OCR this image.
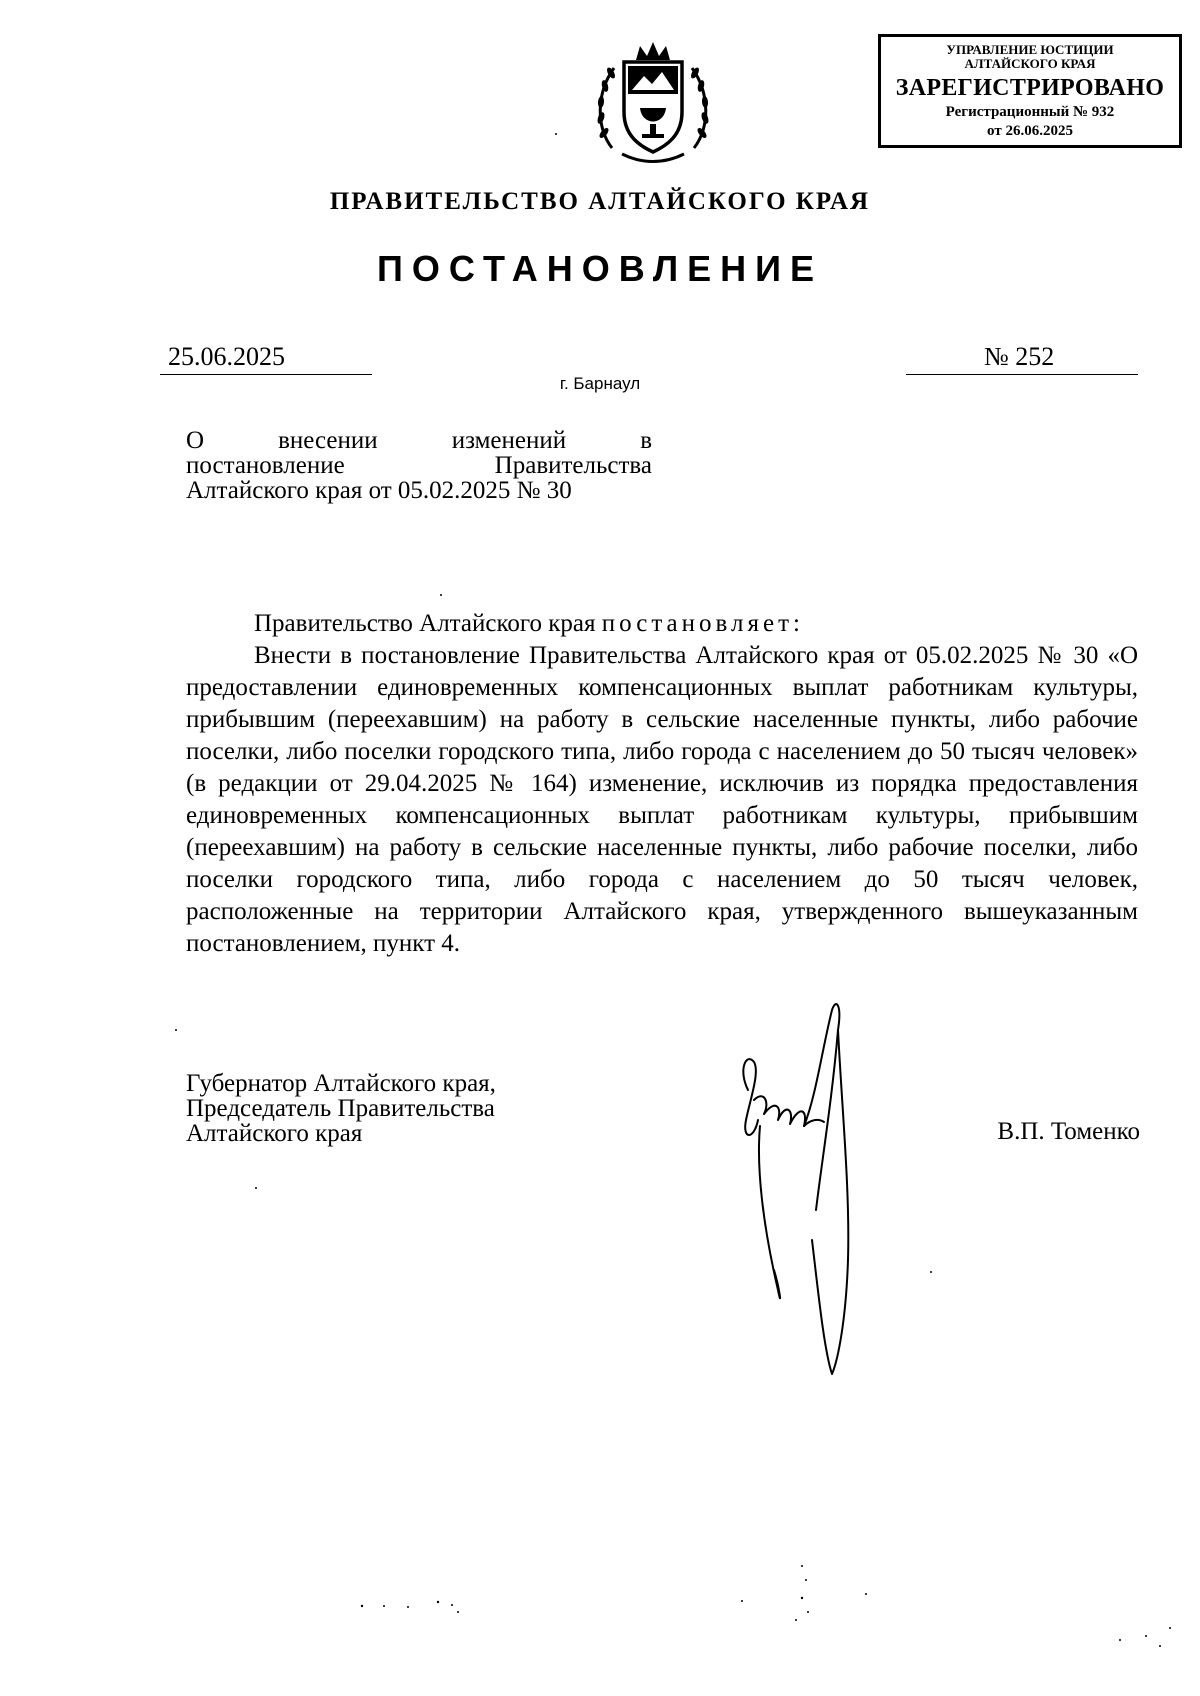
УПРАВЛЕНИЕ ЮСТИЦИИ
АЛТАЙСКОГО КРАЯ
ЗАРЕГИСТРИРОВАНО
Регистрационный № 932
от 26.06.2025
ПРАВИТЕЛЬСТВО АЛТАЙСКОГО КРАЯ
ПОСТАНОВЛЕНИЕ
25.06.2025	№ 252
г. Барнаул
О внесении изменений в
постановление Правительства
Алтайского края от 05.02.2025 № 30

Правительство Алтайского края постановляет:

Внести в постановление Правительства Алтайского края от 05.02.2025 № 30 «О предоставлении единовременных компенсационных выплат работникам культуры, прибывшим (переехавшим) на работу в сельские населенные пункты, либо рабочие поселки, либо поселки городского типа, либо города с населением до 50 тысяч человек» (в редакции от 29.04.2025 № 164) изменение, исключив из порядка предоставления единовременных компенсационных выплат работникам культуры, прибывшим (переехавшим) на работу в сельские населенные пункты, либо рабочие поселки, либо поселки городского типа, либо города с населением до 50 тысяч человек, расположенные на территории Алтайского края, утвержденного вышеуказанным постановлением, пункт 4.

Губернатор Алтайского края,
Председатель Правительства
Алтайского края	В.П. Томенко
